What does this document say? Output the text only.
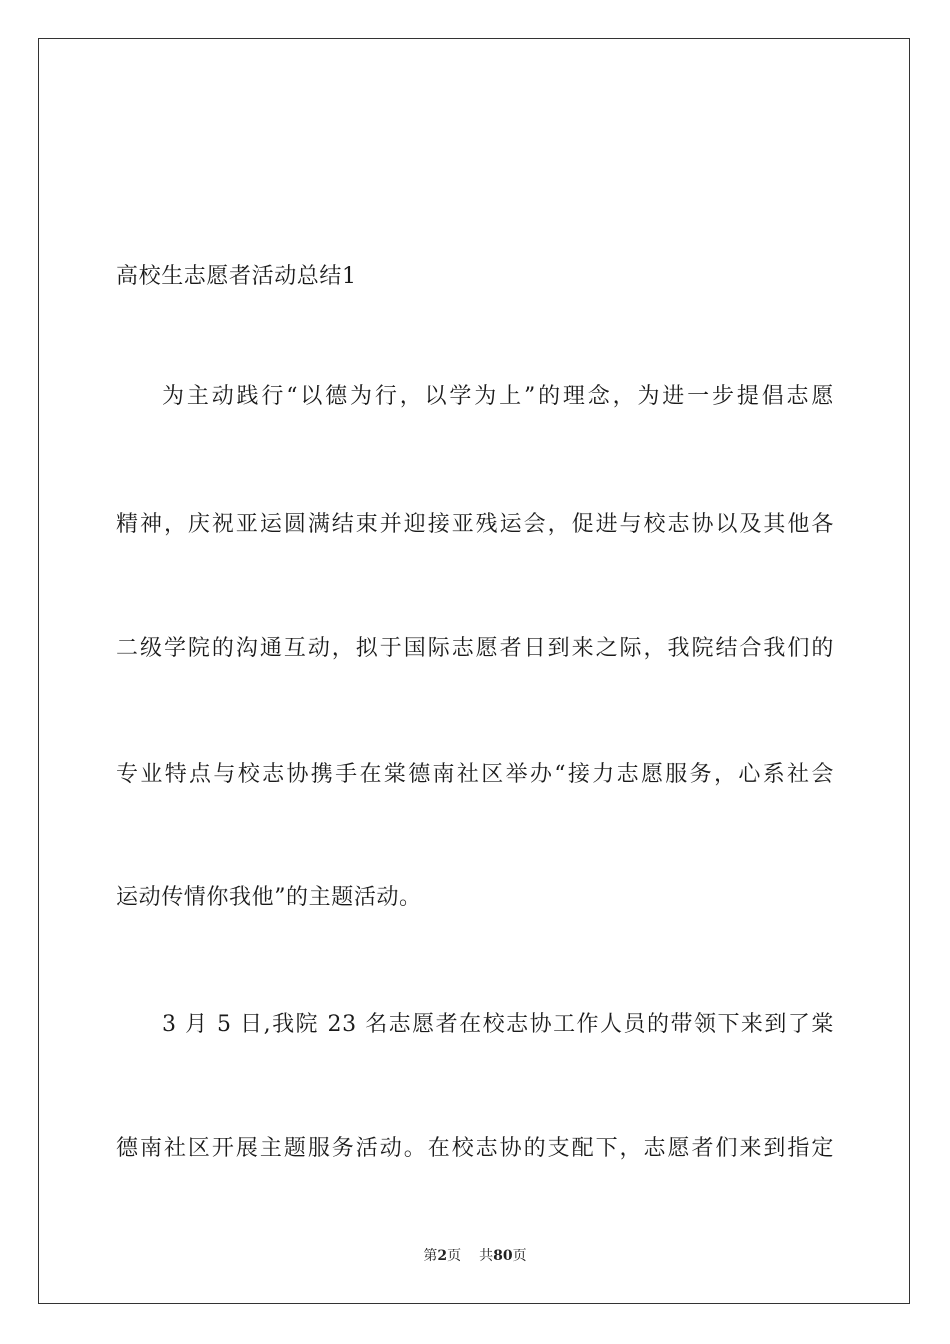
高校生志愿者活动总结1
为主动践行“以德为行，以学为上”的理念，为进一步提倡志愿
精神，庆祝亚运圆满结束并迎接亚残运会，促进与校志协以及其他各
二级学院的沟通互动，拟于国际志愿者日到来之际，我院结合我们的
专业特点与校志协携手在棠德南社区举办“接力志愿服务，心系社会
运动传情你我他”的主题活动。
3 月 5 日,我院 23 名志愿者在校志协工作人员的带领下来到了棠
德南社区开展主题服务活动。在校志协的支配下，志愿者们来到指定
第2页 共80页
